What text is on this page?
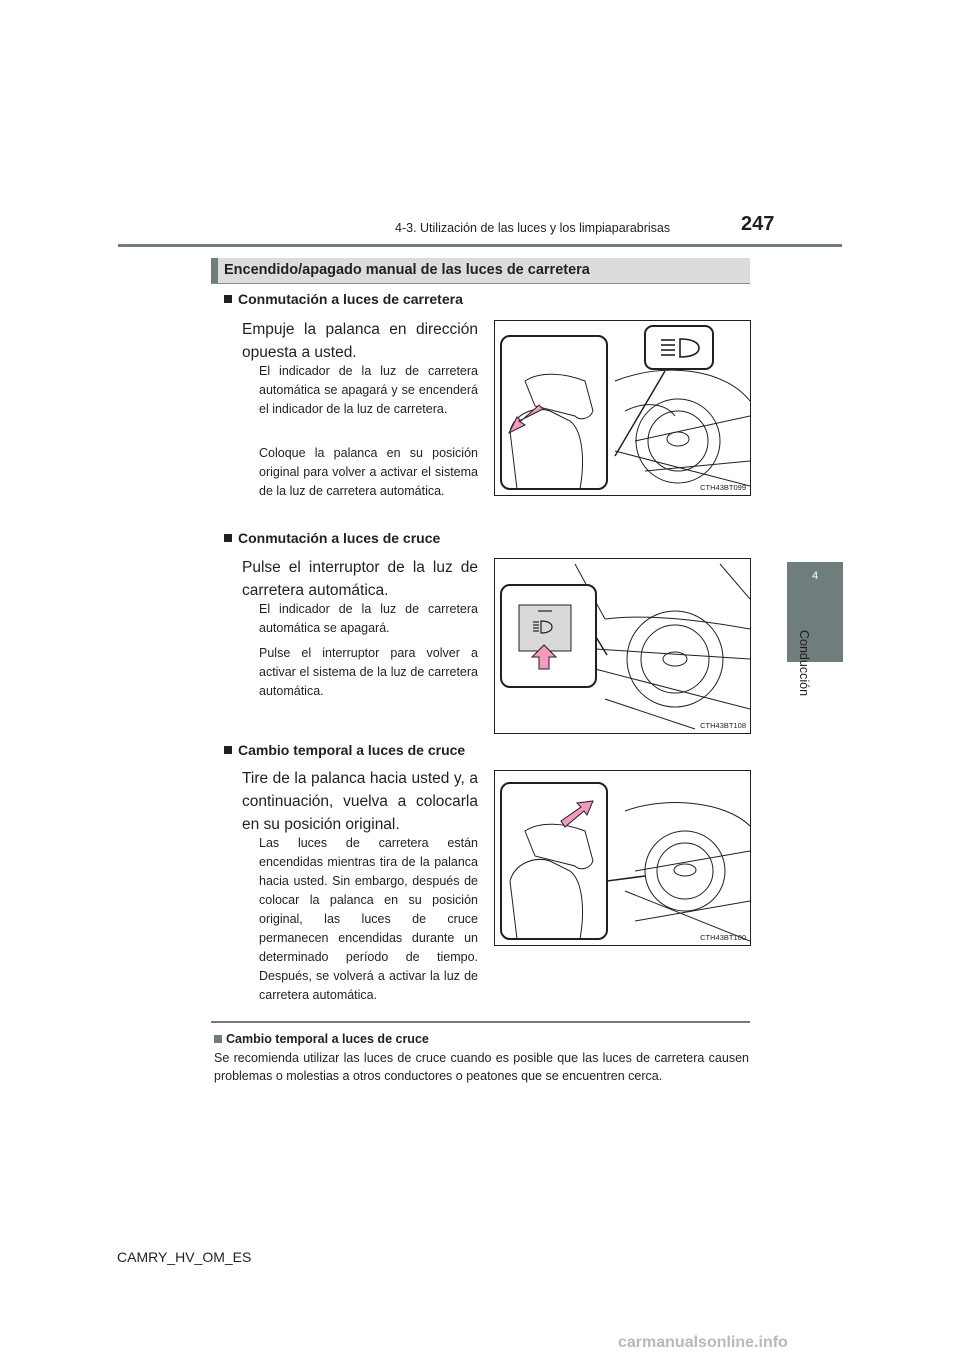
4-3. Utilización de las luces y los limpiaparabrisas	247
4
Conducción
Encendido/apagado manual de las luces de carretera
Conmutación a luces de carretera
Empuje la palanca en dirección opuesta a usted.
El indicador de la luz de carretera automática se apagará y se encenderá el indicador de la luz de carretera.
Coloque la palanca en su posición original para volver a activar el sistema de la luz de carretera automática.	CTH43BT099
Conmutación a luces de cruce
Pulse el interruptor de la luz de carretera automática.
El indicador de la luz de carretera automática se apagará.
Pulse el interruptor para volver a activar el sistema de la luz de carretera automática.
CTH43BT108
Cambio temporal a luces de cruce
Tire de la palanca hacia usted y, a continuación, vuelva a colocarla en su posición original.
Las luces de carretera están encendidas mientras tira de la palanca hacia usted. Sin embargo, después de colocar la palanca en su posición original, las luces de cruce permanecen encendidas durante un determinado período de tiempo. Después, se volverá a activar la luz de carretera automática.
CTH43BT100
Cambio temporal a luces de cruce
Se recomienda utilizar las luces de cruce cuando es posible que las luces de carretera causen problemas o molestias a otros conductores o peatones que se encuentren cerca.
CAMRY_HV_OM_ES
carmanualsonline.info
